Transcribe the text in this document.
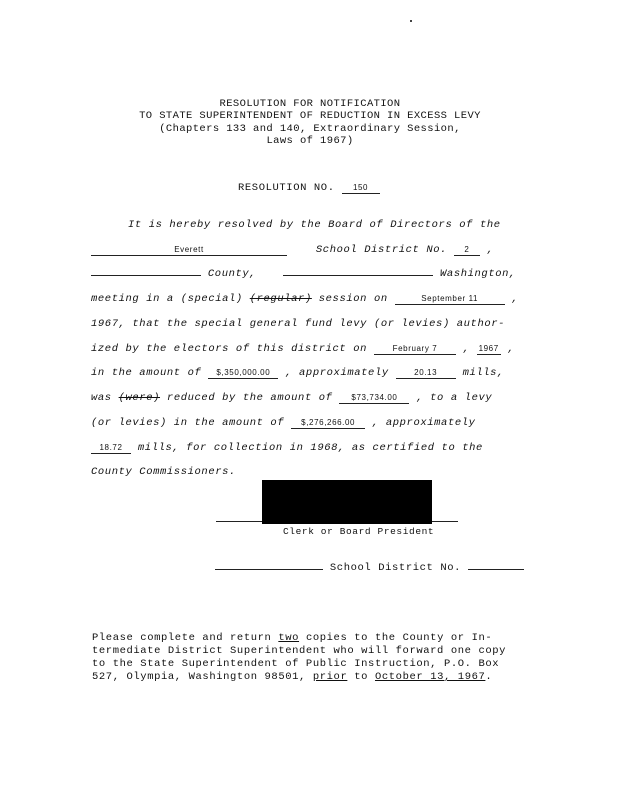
RESOLUTION FOR NOTIFICATION
TO STATE SUPERINTENDENT OF REDUCTION IN EXCESS LEVY
(Chapters 133 and 140, Extraordinary Session,
Laws of 1967)
RESOLUTION NO. 150
It is hereby resolved by the Board of Directors of the
Everett	School District No. 2 ,
County,	Washington,
meeting in a (special) (regular) session on	September 11	,
1967, that the special general fund levy (or levies) author-
ized by the electors of this district on	February 7 , 1967 ,
in the amount of $,350,000.00 , approximately	20.13 mills,
was (were) reduced by the amount of $73,734.00 , to a levy
(or levies) in the amount of $,276,266.00 , approximately
18.72 mills, for collection in 1968, as certified to the
County Commissioners.
Clerk or Board President
School District No.
Please complete and return two copies to the County or In-
termediate District Superintendent who will forward one copy
to the State Superintendent of Public Instruction, P.O. Box
527, Olympia, Washington 98501, prior to October 13, 1967.
